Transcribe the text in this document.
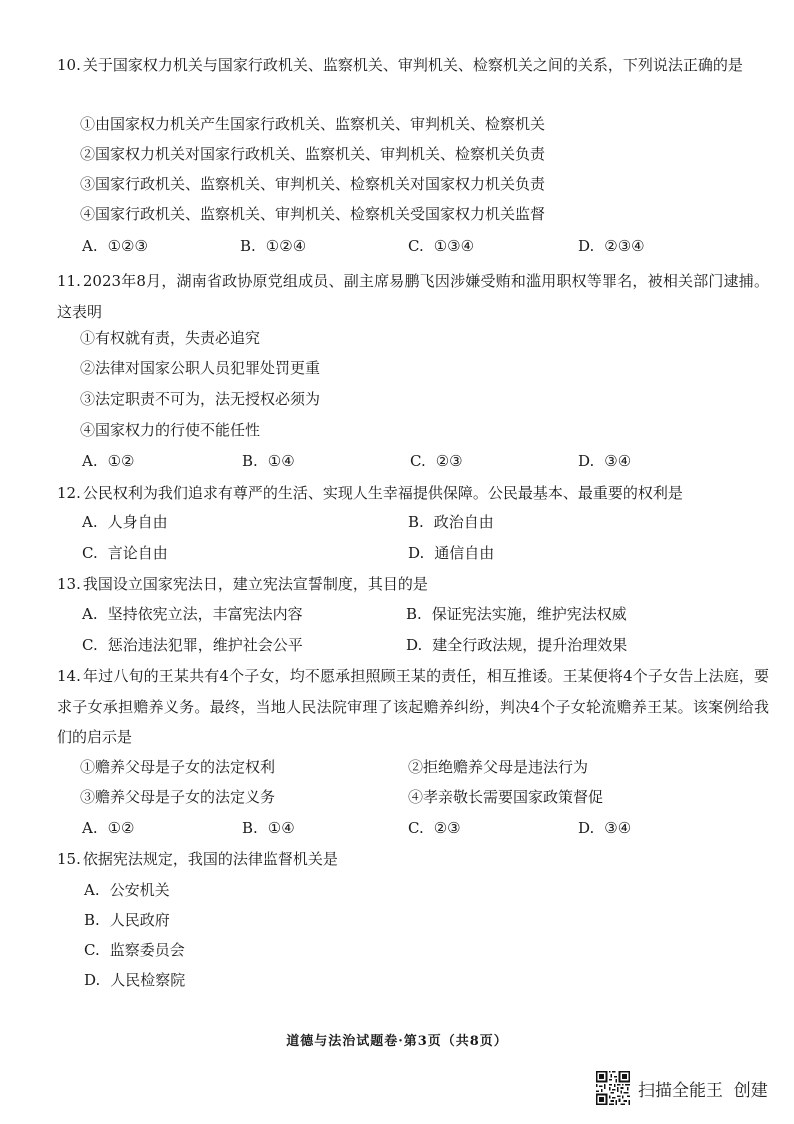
10. 关于国家权力机关与国家行政机关、监察机关、审判机关、检察机关之间的关系，下列说法正确的是
①由国家权力机关产生国家行政机关、监察机关、审判机关、检察机关
②国家权力机关对国家行政机关、监察机关、审判机关、检察机关负责
③国家行政机关、监察机关、审判机关、检察机关对国家权力机关负责
④国家行政机关、监察机关、审判机关、检察机关受国家权力机关监督
A. ①②③	B. ①②④	C. ①③④	D. ②③④
11. 2023年8月，湖南省政协原党组成员、副主席易鹏飞因涉嫌受贿和滥用职权等罪名，被相关部门逮捕。这表明
①有权就有责，失责必追究
②法律对国家公职人员犯罪处罚更重
③法定职责不可为，法无授权必须为
④国家权力的行使不能任性
A. ①②	B. ①④	C. ②③	D. ③④
12. 公民权利为我们追求有尊严的生活、实现人生幸福提供保障。公民最基本、最重要的权利是
A. 人身自由	B. 政治自由
C. 言论自由	D. 通信自由
13. 我国设立国家宪法日，建立宪法宣誓制度，其目的是
A. 坚持依宪立法，丰富宪法内容	B. 保证宪法实施，维护宪法权威
C. 惩治违法犯罪，维护社会公平	D. 建全行政法规，提升治理效果
14. 年过八旬的王某共有4个子女，均不愿承担照顾王某的责任，相互推诿。王某便将4个子女告上法庭，要求子女承担赡养义务。最终，当地人民法院审理了该起赡养纠纷，判决4个子女轮流赡养王某。该案例给我们的启示是
①赡养父母是子女的法定权利	②拒绝赡养父母是违法行为
③赡养父母是子女的法定义务	④孝亲敬长需要国家政策督促
A. ①②	B. ①④	C. ②③	D. ③④
15. 依据宪法规定，我国的法律监督机关是
A. 公安机关
B. 人民政府
C. 监察委员会
D. 人民检察院
道德与法治试题卷·第3页（共8页）
扫描全能王  创建
